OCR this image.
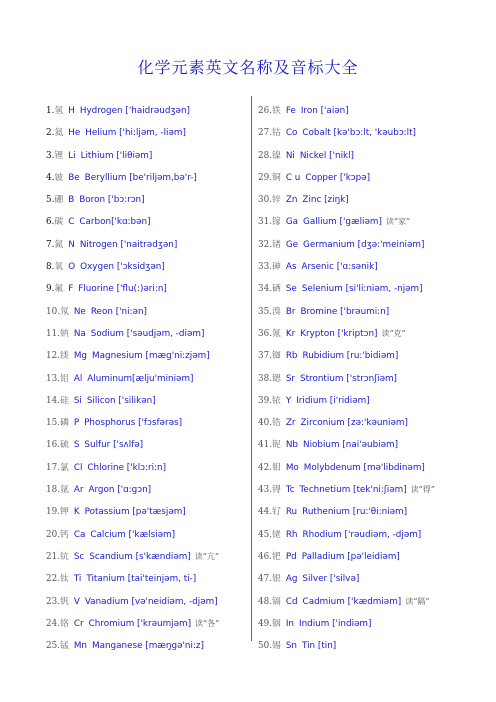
化学元素英文名称及音标大全
1.氢 H Hydrogen ['haidrəudʒən]
2.氦 He Helium ['hi:ljəm, -liəm]
3.锂 Li Lithium ['liθiəm]
4.铍 Be Beryllium [be'riljəm,bə'r-]
5.硼 B Boron ['bɔ:rɔn]
6.碳 C Carbon['kɑ:bən]
7.氮 N Nitrogen ['naitrədʒən]
8.氧 O Oxygen ['ɔksidʒən]
9.氟 F Fluorine ['flu(:)əri:n]
10.氖 Ne Reon ['ni:ən]
11.钠 Na Sodium ['səudjəm, -diəm]
12.镁 Mg Magnesium [mæg'ni:zjəm]
13.铝 Al Aluminum[ælju'miniəm]
14.硅 Si Silicon ['silikən]
15.磷 P Phosphorus ['fɔsfərəs]
16.硫 S Sulfur ['sʌlfə]
17.氯 Cl Chlorine ['klɔ:ri:n]
18.氩 Ar Argon ['ɑ:gɔn]
19.钾 K Potassium [pə'tæsjəm]
20.钙 Ca Calcium ['kælsiəm]
21.钪 Sc Scandium [s'kændiəm] 读“亢”
22.钛 Ti Titanium [tai'teinjəm, ti-]
23.钒 V Vanadium [və'neidiəm, -djəm]
24.铬 Cr Chromium ['krəumjəm] 读“各”
25.锰 Mn Manganese [mæŋgə'ni:z]
26.铁 Fe Iron ['aiən]
27.钴 Co Cobalt [kə'bɔ:lt, 'kəubɔ:lt]
28.镍 Ni Nickel ['nikl]
29.铜 C u Copper ['kɔpə]
30.锌 Zn Zinc [ziŋk]
31.镓 Ga Gallium ['gæliəm] 读“家”
32.锗 Ge Germanium [dʒə:'meiniəm]
33.砷 As Arsenic ['ɑ:sənik]
34.硒 Se Selenium [si'li:niəm, -njəm]
35.溴 Br Bromine ['brəumi:n]
36.氪 Kr Krypton ['kriptɔn] 读“克”
37.铷 Rb Rubidium [ru:'bidiəm]
38.锶 Sr Strontium ['strɔnʃiəm]
39.铱 Y Iridium [i'ridiəm]
40.锆 Zr Zirconium [zə:'kəuniəm]
41.铌 Nb Niobium [nai'əubiəm]
42.钼 Mo Molybdenum [mə'libdinəm]
43.锝 Tc Technetium [tek'ni:ʃiəm] 读“得”
44.钌 Ru Ruthenium [ru:'θi:niəm]
45.铑 Rh Rhodium ['rəudiəm, -djəm]
46.钯 Pd Palladium [pə'leidiəm]
47.银 Ag Silver ['silvə]
48.镉 Cd Cadmium ['kædmiəm] 读“隔”
49.铟 In Indium ['indiəm]
50.锡 Sn Tin [tin]
